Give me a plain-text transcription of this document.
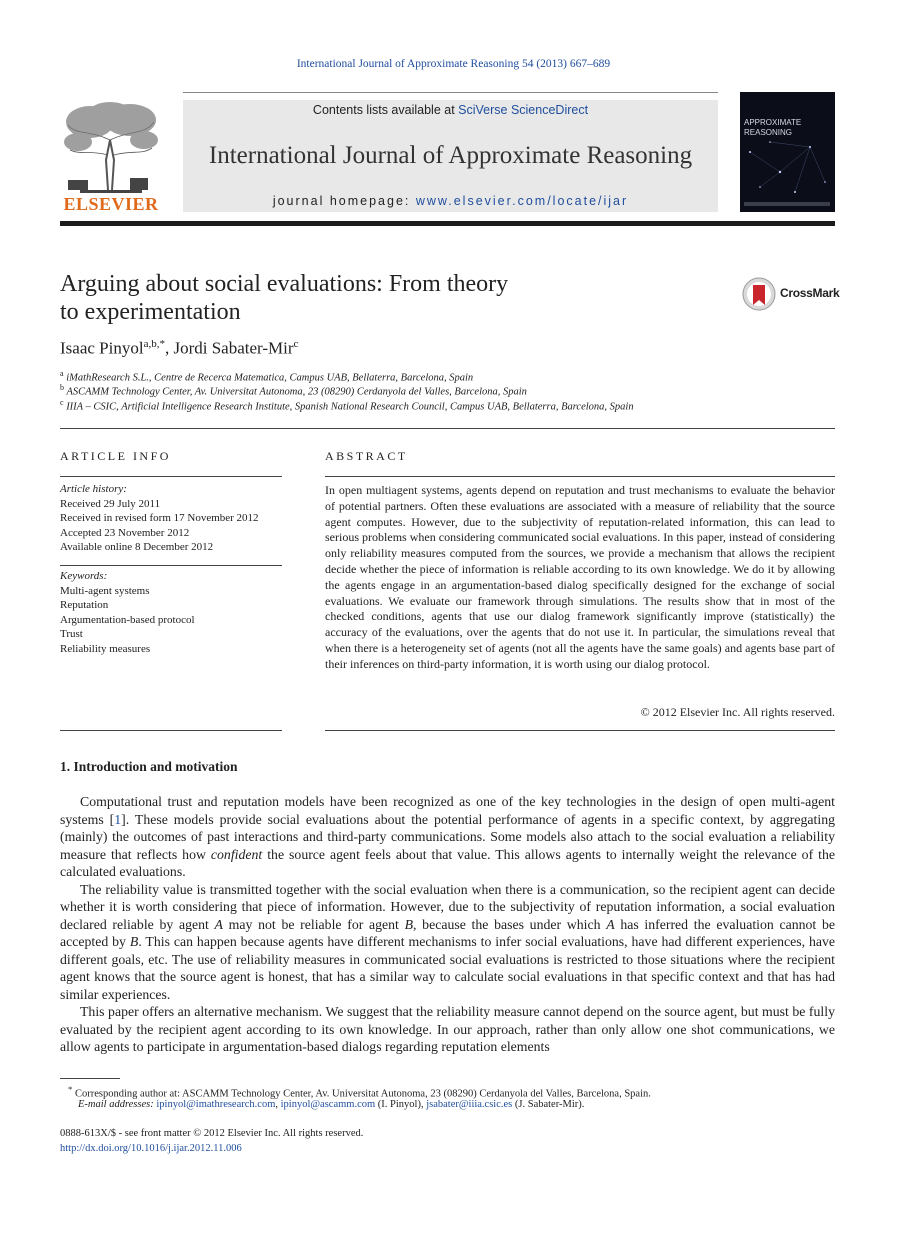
International Journal of Approximate Reasoning 54 (2013) 667–689
ELSEVIER
Contents lists available at SciVerse ScienceDirect
International Journal of Approximate Reasoning
journal homepage: www.elsevier.com/locate/ijar
APPROXIMATE REASONING
Arguing about social evaluations: From theory
to experimentation
CrossMark
Isaac Pinyol$^{a,b,*}$, Jordi Sabater-Mir$^c$
$^a$ iMathResearch S.L., Centre de Recerca Matematica, Campus UAB, Bellaterra, Barcelona, Spain
$^b$ ASCAMM Technology Center, Av. Universitat Autonoma, 23 (08290) Cerdanyola del Valles, Barcelona, Spain
$^c$ IIIA – CSIC, Artificial Intelligence Research Institute, Spanish National Research Council, Campus UAB, Bellaterra, Barcelona, Spain
ARTICLE INFO	ABSTRACT
Article history:
Received 29 July 2011
Received in revised form 17 November 2012
Accepted 23 November 2012
Available online 8 December 2012
Keywords:
Multi-agent systems
Reputation
Argumentation-based protocol
Trust
Reliability measures
In open multiagent systems, agents depend on reputation and trust mechanisms to evaluate the behavior of potential partners. Often these evaluations are associated with a measure of reliability that the source agent computes. However, due to the subjectivity of reputation-related information, this can lead to serious problems when considering communicated social evaluations. In this paper, instead of considering only reliability measures computed from the sources, we provide a mechanism that allows the recipient decide whether the piece of information is reliable according to its own knowledge. We do it by allowing the agents engage in an argumentation-based dialog specifically designed for the exchange of social evaluations. We evaluate our framework through simulations. The results show that in most of the checked conditions, agents that use our dialog framework significantly improve (statistically) the accuracy of the evaluations, over the agents that do not use it. In particular, the simulations reveal that when there is a heterogeneity set of agents (not all the agents have the same goals) and agents base part of their inferences on third-party information, it is worth using our dialog protocol.
© 2012 Elsevier Inc. All rights reserved.
1. Introduction and motivation

Computational trust and reputation models have been recognized as one of the key technologies in the design of open multi-agent systems [1]. These models provide social evaluations about the potential performance of agents in a specific context, by aggregating (mainly) the outcomes of past interactions and third-party communications. Some models also attach to the social evaluation a reliability measure that reflects how confident the source agent feels about that value. This allows agents to internally weight the relevance of the calculated evaluations.

The reliability value is transmitted together with the social evaluation when there is a communication, so the recipient agent can decide whether it is worth considering that piece of information. However, due to the subjectivity of reputation information, a social evaluation declared reliable by agent A may not be reliable for agent B, because the bases under which A has inferred the evaluation cannot be accepted by B. This can happen because agents have different mechanisms to infer social evaluations, have had different experiences, have different goals, etc. The use of reliability measures in communicated social evaluations is restricted to those situations where the recipient agent knows that the source agent is honest, that has a similar way to calculate social evaluations in that specific context and that has had similar experiences.

This paper offers an alternative mechanism. We suggest that the reliability measure cannot depend on the source agent, but must be fully evaluated by the recipient agent according to its own knowledge. In our approach, rather than only allow one shot communications, we allow agents to participate in argumentation-based dialogs regarding reputation elements

* Corresponding author at: ASCAMM Technology Center, Av. Universitat Autonoma, 23 (08290) Cerdanyola del Valles, Barcelona, Spain.
E-mail addresses: ipinyol@imathresearch.com, ipinyol@ascamm.com (I. Pinyol), jsabater@iiia.csic.es (J. Sabater-Mir).
0888-613X/$ - see front matter © 2012 Elsevier Inc. All rights reserved.
http://dx.doi.org/10.1016/j.ijar.2012.11.006
